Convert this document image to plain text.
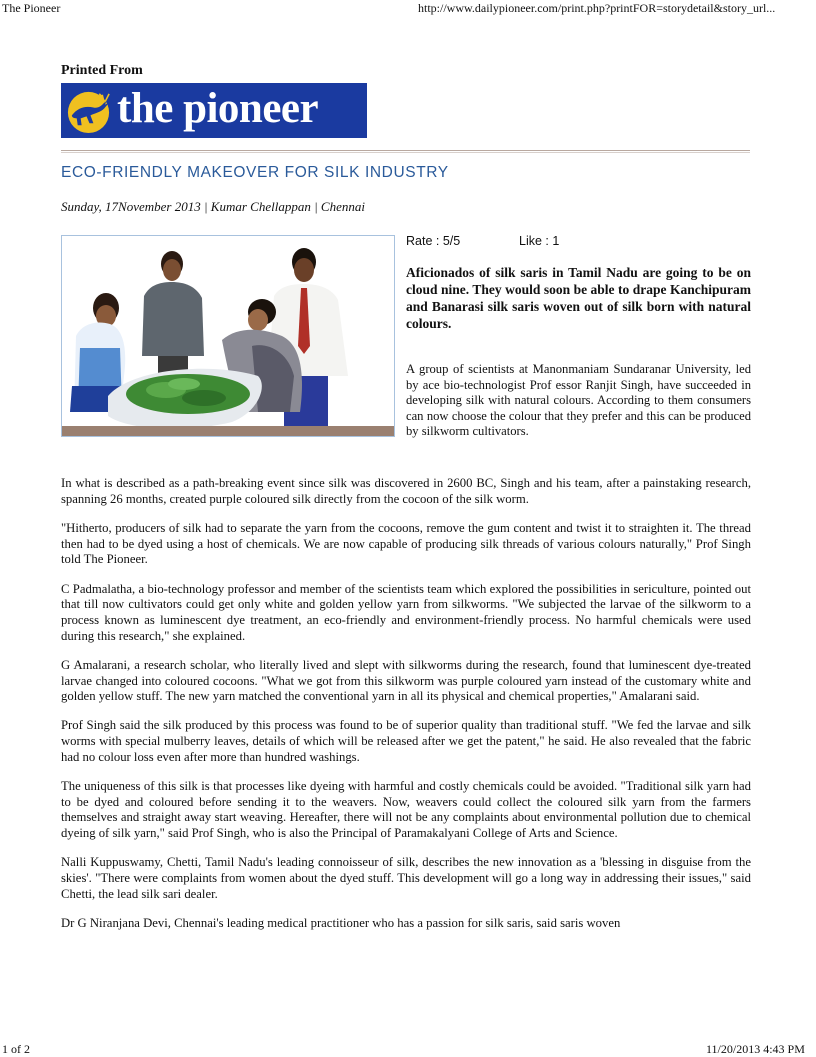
The Pioneer	http://www.dailypioneer.com/print.php?printFOR=storydetail&story_url...
Printed From
the pioneer
ECO-FRIENDLY MAKEOVER FOR SILK INDUSTRY
Sunday, 17November 2013 | Kumar Chellappan | Chennai
Rate : 5/5	Like : 1
Aficionados of silk saris in Tamil Nadu are going to be on cloud nine. They would soon be able to drape Kanchipuram and Banarasi silk saris woven out of silk born with natural colours.
A group of scientists at Manonmaniam Sundaranar University, led by ace bio-technologist Prof essor Ranjit Singh, have succeeded in developing silk with natural colours. According to them consumers can now choose the colour that they prefer and this can be produced by silkworm cultivators.

In what is described as a path-breaking event since silk was discovered in 2600 BC, Singh and his team, after a painstaking research, spanning 26 months, created purple coloured silk directly from the cocoon of the silk worm.

"Hitherto, producers of silk had to separate the yarn from the cocoons, remove the gum content and twist it to straighten it. The thread then had to be dyed using a host of chemicals. We are now capable of producing silk threads of various colours naturally," Prof Singh told The Pioneer.

C Padmalatha, a bio-technology professor and member of the scientists team which explored the possibilities in sericulture, pointed out that till now cultivators could get only white and golden yellow yarn from silkworms. "We subjected the larvae of the silkworm to a process known as luminescent dye treatment, an eco-friendly and environment-friendly process. No harmful chemicals were used during this research," she explained.

G Amalarani, a research scholar, who literally lived and slept with silkworms during the research, found that luminescent dye-treated larvae changed into coloured cocoons. "What we got from this silkworm was purple coloured yarn instead of the customary white and golden yellow stuff. The new yarn matched the conventional yarn in all its physical and chemical properties," Amalarani said.

Prof Singh said the silk produced by this process was found to be of superior quality than traditional stuff. "We fed the larvae and silk worms with special mulberry leaves, details of which will be released after we get the patent," he said. He also revealed that the fabric had no colour loss even after more than hundred washings.

The uniqueness of this silk is that processes like dyeing with harmful and costly chemicals could be avoided. "Traditional silk yarn had to be dyed and coloured before sending it to the weavers. Now, weavers could collect the coloured silk yarn from the farmers themselves and straight away start weaving. Hereafter, there will not be any complaints about environmental pollution due to chemical dyeing of silk yarn," said Prof Singh, who is also the Principal of Paramakalyani College of Arts and Science.

Nalli Kuppuswamy, Chetti, Tamil Nadu's leading connoisseur of silk, describes the new innovation as a 'blessing in disguise from the skies'. "There were complaints from women about the dyed stuff. This development will go a long way in addressing their issues," said Chetti, the lead silk sari dealer.

Dr G Niranjana Devi, Chennai's leading medical practitioner who has a passion for silk saris, said saris woven

1 of 2	11/20/2013 4:43 PM
